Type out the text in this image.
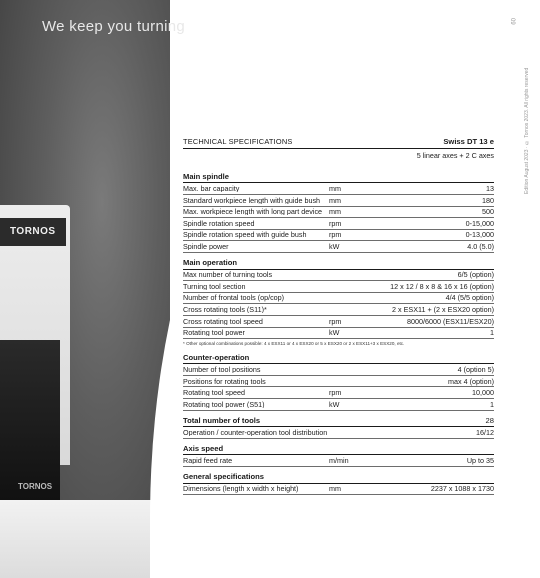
TORNOS
TORNOS
We keep you turning	09
Edition August 2023 · © Tornos 2023. All rights reserved
TECHNICAL SPECIFICATIONS	Swiss DT 13 e
5 linear axes + 2 C axes
Main spindle
Max. bar capacity	mm	13
Standard workpiece length with guide bush	mm	180
Max. workpiece length with long part device mm	500
Spindle rotation speed	rpm	0-15,000
Spindle rotation speed with guide bush	rpm	0-13,000
Spindle power	kW	4.0 (5.0)
Main operation
Max number of turning tools	6/5 (option)
Turning tool section	12 x 12 / 8 x 8 & 16 x 16 (option)
Number of frontal tools (op/cop)	4/4 (5/5 option)
Cross rotating tools (S11)*	2 x ESX11 + (2 x ESX20 option)
Cross rotating tool speed	rpm	8000/6000 (ESX11/ESX20)
Rotating tool power	kW	1
* Other optional combinations possible: 4 x ESX11 or 4 x ESX20 or 5 x ESX20 or 2 x ESX11+3 x ESX20, etc.
Counter-operation
Number of tool positions	4 (option 5)
Positions for rotating tools	max 4 (option)
Rotating tool speed	rpm	10,000
Rotating tool power (S51)	kW	1
Total number of tools	28
Operation / counter-operation tool distribution	16/12
Axis speed
Rapid feed rate	m/min	Up to 35
General specifications
Dimensions (length x width x height)	mm	2237 x 1088 x 1730
